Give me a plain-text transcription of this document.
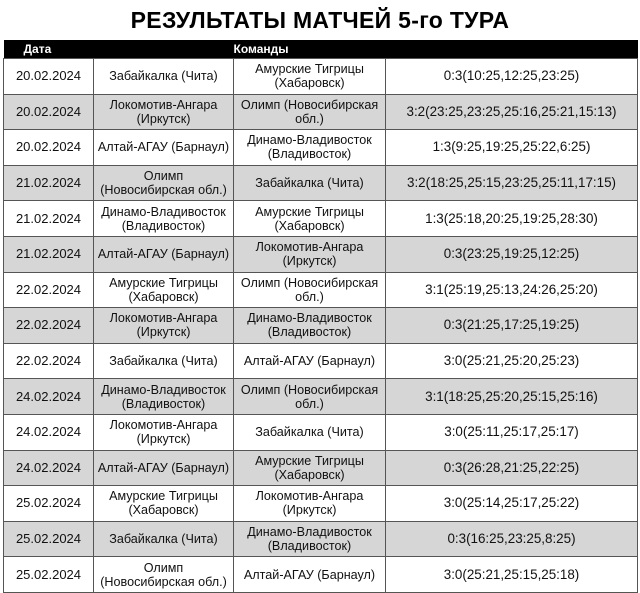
РЕЗУЛЬТАТЫ МАТЧЕЙ 5-го ТУРА
Дата		Команды	
20.02.2024	Забайкалка (Чита)	Амурские Тигрицы (Хабаровск)	0:3(10:25,12:25,23:25)
20.02.2024	Локомотив-Ангара (Иркутск)	Олимп (Новосибирская обл.)	3:2(23:25,23:25,25:16,25:21,15:13)
20.02.2024	Алтай-АГАУ (Барнаул)	Динамо-Владивосток (Владивосток)	1:3(9:25,19:25,25:22,6:25)
21.02.2024	Олимп (Новосибирская обл.)	Забайкалка (Чита)	3:2(18:25,25:15,23:25,25:11,17:15)
21.02.2024	Динамо-Владивосток (Владивосток)	Амурские Тигрицы (Хабаровск)	1:3(25:18,20:25,19:25,28:30)
21.02.2024	Алтай-АГАУ (Барнаул)	Локомотив-Ангара (Иркутск)	0:3(23:25,19:25,12:25)
22.02.2024	Амурские Тигрицы (Хабаровск)	Олимп (Новосибирская обл.)	3:1(25:19,25:13,24:26,25:20)
22.02.2024	Локомотив-Ангара (Иркутск)	Динамо-Владивосток (Владивосток)	0:3(21:25,17:25,19:25)
22.02.2024	Забайкалка (Чита)	Алтай-АГАУ (Барнаул)	3:0(25:21,25:20,25:23)
24.02.2024	Динамо-Владивосток (Владивосток)	Олимп (Новосибирская обл.)	3:1(18:25,25:20,25:15,25:16)
24.02.2024	Локомотив-Ангара (Иркутск)	Забайкалка (Чита)	3:0(25:11,25:17,25:17)
24.02.2024	Алтай-АГАУ (Барнаул)	Амурские Тигрицы (Хабаровск)	0:3(26:28,21:25,22:25)
25.02.2024	Амурские Тигрицы (Хабаровск)	Локомотив-Ангара (Иркутск)	3:0(25:14,25:17,25:22)
25.02.2024	Забайкалка (Чита)	Динамо-Владивосток (Владивосток)	0:3(16:25,23:25,8:25)
25.02.2024	Олимп (Новосибирская обл.)	Алтай-АГАУ (Барнаул)	3:0(25:21,25:15,25:18)
